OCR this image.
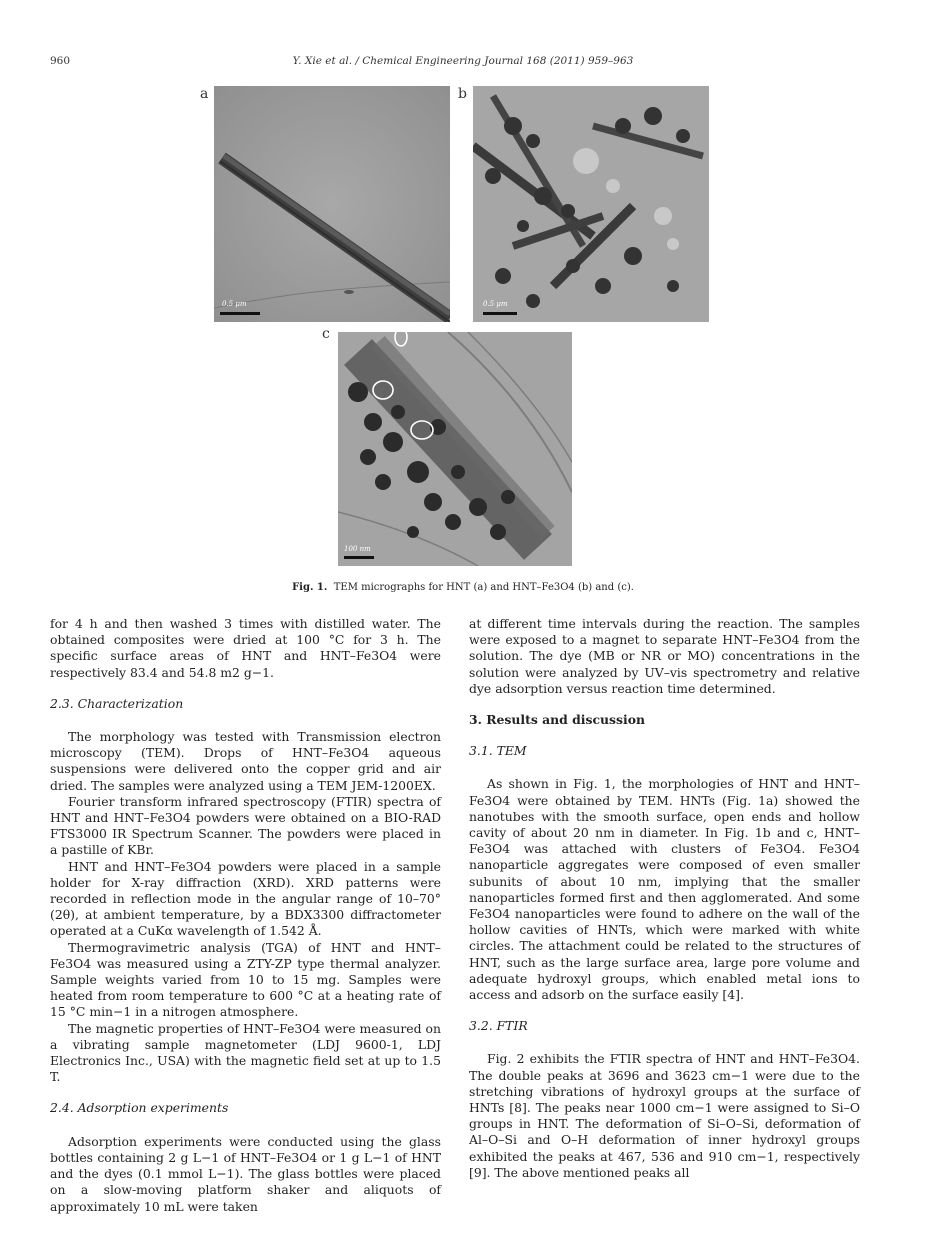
960	Y. Xie et al. / Chemical Engineering Journal 168 (2011) 959–963
a	b
c
0.5 μm	0.5 μm
100 nm
Fig. 1. TEM micrographs for HNT (a) and HNT–Fe3O4 (b) and (c).

for 4 h and then washed 3 times with distilled water. The obtained composites were dried at 100 °C for 3 h. The specific surface areas of HNT and HNT–Fe3O4 were respectively 83.4 and 54.8 m2 g−1.

2.3. Characterization

The morphology was tested with Transmission electron microscopy (TEM). Drops of HNT–Fe3O4 aqueous suspensions were delivered onto the copper grid and air dried. The samples were analyzed using a TEM JEM-1200EX.

Fourier transform infrared spectroscopy (FTIR) spectra of HNT and HNT–Fe3O4 powders were obtained on a BIO-RAD FTS3000 IR Spectrum Scanner. The powders were placed in a pastille of KBr.

HNT and HNT–Fe3O4 powders were placed in a sample holder for X-ray diffraction (XRD). XRD patterns were recorded in reflection mode in the angular range of 10–70° (2θ), at ambient temperature, by a BDX3300 diffractometer operated at a CuKα wavelength of 1.542 Å.

Thermogravimetric analysis (TGA) of HNT and HNT–Fe3O4 was measured using a ZTY-ZP type thermal analyzer. Sample weights varied from 10 to 15 mg. Samples were heated from room temperature to 600 °C at a heating rate of 15 °C min−1 in a nitrogen atmosphere.

The magnetic properties of HNT–Fe3O4 were measured on a vibrating sample magnetometer (LDJ 9600-1, LDJ Electronics Inc., USA) with the magnetic field set at up to 1.5 T.

2.4. Adsorption experiments

Adsorption experiments were conducted using the glass bottles containing 2 g L−1 of HNT–Fe3O4 or 1 g L−1 of HNT and the dyes (0.1 mmol L−1). The glass bottles were placed on a slow-moving platform shaker and aliquots of approximately 10 mL were taken

at different time intervals during the reaction. The samples were exposed to a magnet to separate HNT–Fe3O4 from the solution. The dye (MB or NR or MO) concentrations in the solution were analyzed by UV–vis spectrometry and relative dye adsorption versus reaction time determined.

3. Results and discussion
3.1. TEM

As shown in Fig. 1, the morphologies of HNT and HNT–Fe3O4 were obtained by TEM. HNTs (Fig. 1a) showed the nanotubes with the smooth surface, open ends and hollow cavity of about 20 nm in diameter. In Fig. 1b and c, HNT–Fe3O4 was attached with clusters of Fe3O4. Fe3O4 nanoparticle aggregates were composed of even smaller subunits of about 10 nm, implying that the smaller nanoparticles formed first and then agglomerated. And some Fe3O4 nanoparticles were found to adhere on the wall of the hollow cavities of HNTs, which were marked with white circles. The attachment could be related to the structures of HNT, such as the large surface area, large pore volume and adequate hydroxyl groups, which enabled metal ions to access and adsorb on the surface easily [4].

3.2. FTIR

Fig. 2 exhibits the FTIR spectra of HNT and HNT–Fe3O4. The double peaks at 3696 and 3623 cm−1 were due to the stretching vibrations of hydroxyl groups at the surface of HNTs [8]. The peaks near 1000 cm−1 were assigned to Si–O groups in HNT. The deformation of Si–O–Si, deformation of Al–O–Si and O–H deformation of inner hydroxyl groups exhibited the peaks at 467, 536 and 910 cm−1, respectively [9]. The above mentioned peaks all
